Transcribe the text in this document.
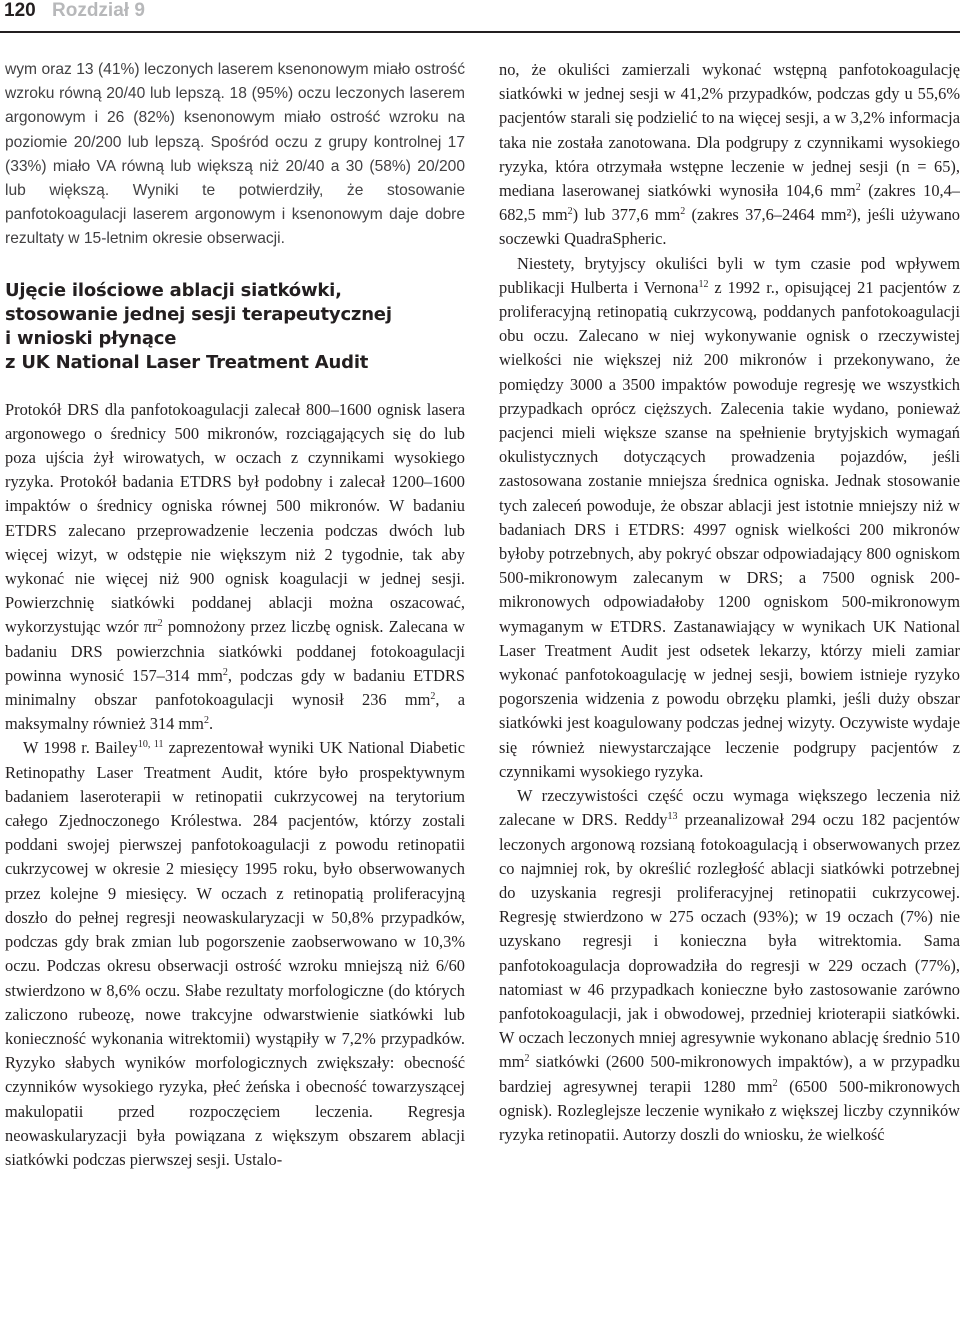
120 Rozdział 9

wym oraz 13 (41%) leczonych laserem ksenonowym miało ostrość wzroku równą 20/40 lub lepszą. 18 (95%) oczu leczonych laserem argonowym i 26 (82%) ksenonowym miało ostrość wzroku na poziomie 20/200 lub lepszą. Spośród oczu z grupy kontrolnej 17 (33%) miało VA równą lub większą niż 20/40 a 30 (58%) 20/200 lub większą. Wyniki te potwierdziły, że stosowanie panfotokoagulacji laserem argonowym i ksenonowym daje dobre rezultaty w 15-letnim okresie obserwacji.

Ujęcie ilościowe ablacji siatkówki,
stosowanie jednej sesji terapeutycznej
i wnioski płynące
z UK National Laser Treatment Audit

Protokół DRS dla panfotokoagulacji zalecał 800–1600 ognisk lasera argonowego o średnicy 500 mikronów, rozciągających się do lub poza ujścia żył wirowatych, w oczach z czynnikami wysokiego ryzyka. Protokół badania ETDRS był podobny i zalecał 1200–1600 impaktów o średnicy ogniska równej 500 mikronów. W badaniu ETDRS zalecano przeprowadzenie leczenia podczas dwóch lub więcej wizyt, w odstępie nie większym niż 2 tygodnie, tak aby wykonać nie więcej niż 900 ognisk koagulacji w jednej sesji. Powierzchnię siatkówki poddanej ablacji można oszacować, wykorzystując wzór $\pi r^2$ pomnożony przez liczbę ognisk. Zalecana w badaniu DRS powierzchnia siatkówki poddanej fotokoagulacji powinna wynosić 157–314 $mm^2$, podczas gdy w badaniu ETDRS minimalny obszar panfotokoagulacji wynosił 236 $mm^2$, a maksymalny również 314 $mm^2$.

W 1998 r. Bailey$^{10, 11}$ zaprezentował wyniki UK National Diabetic Retinopathy Laser Treatment Audit, które było prospektywnym badaniem laseroterapii w retinopatii cukrzycowej na terytorium całego Zjednoczonego Królestwa. 284 pacjentów, którzy zostali poddani swojej pierwszej panfotokoagulacji z powodu retinopatii cukrzycowej w okresie 2 miesięcy 1995 roku, było obserwowanych przez kolejne 9 miesięcy. W oczach z retinopatią proliferacyjną doszło do pełnej regresji neowaskularyzacji w 50,8% przypadków, podczas gdy brak zmian lub pogorszenie zaobserwowano w 10,3% oczu. Podczas okresu obserwacji ostrość wzroku mniejszą niż 6/60 stwierdzono w 8,6% oczu. Słabe rezultaty morfologiczne (do których zaliczono rubeozę, nowe trakcyjne odwarstwienie siatkówki lub konieczność wykonania witrektomii) wystąpiły w 7,2% przypadków. Ryzyko słabych wyników morfologicznych zwiększały: obecność czynników wysokiego ryzyka, płeć żeńska i obecność towarzyszącej makulopatii przed rozpoczęciem leczenia. Regresja neowaskularyzacji była powiązana z większym obszarem ablacji siatkówki podczas pierwszej sesji. Ustalo-

no, że okuliści zamierzali wykonać wstępną panfotokoagulację siatkówki w jednej sesji w 41,2% przypadków, podczas gdy u 55,6% pacjentów starali się podzielić to na więcej sesji, a w 3,2% informacja taka nie została zanotowana. Dla podgrupy z czynnikami wysokiego ryzyka, która otrzymała wstępne leczenie w jednej sesji (n = 65), mediana laserowanej siatkówki wynosiła 104,6 $mm^2$ (zakres 10,4–682,5 $mm^2$) lub 377,6 $mm^2$ (zakres 37,6–2464 mm²), jeśli używano soczewki QuadraSpheric.

Niestety, brytyjscy okuliści byli w tym czasie pod wpływem publikacji Hulberta i Vernona$^{12}$ z 1992 r., opisującej 21 pacjentów z proliferacyjną retinopatią cukrzycową, poddanych panfotokoagulacji obu oczu. Zalecano w niej wykonywanie ognisk o rzeczywistej wielkości nie większej niż 200 mikronów i przekonywano, że pomiędzy 3000 a 3500 impaktów powoduje regresję we wszystkich przypadkach oprócz cięższych. Zalecenia takie wydano, ponieważ pacjenci mieli większe szanse na spełnienie brytyjskich wymagań okulistycznych dotyczących prowadzenia pojazdów, jeśli zastosowana zostanie mniejsza średnica ogniska. Jednak stosowanie tych zaleceń powoduje, że obszar ablacji jest istotnie mniejszy niż w badaniach DRS i ETDRS: 4997 ognisk wielkości 200 mikronów byłoby potrzebnych, aby pokryć obszar odpowiadający 800 ogniskom 500-mikronowym zalecanym w DRS; a 7500 ognisk 200-mikronowych odpowiadałoby 1200 ogniskom 500-mikronowym wymaganym w ETDRS. Zastanawiający w wynikach UK National Laser Treatment Audit jest odsetek lekarzy, którzy mieli zamiar wykonać panfotokoagulację w jednej sesji, bowiem istnieje ryzyko pogorszenia widzenia z powodu obrzęku plamki, jeśli duży obszar siatkówki jest koagulowany podczas jednej wizyty. Oczywiste wydaje się również niewystarczające leczenie podgrupy pacjentów z czynnikami wysokiego ryzyka.

W rzeczywistości część oczu wymaga większego leczenia niż zalecane w DRS. Reddy$^{13}$ przeanalizował 294 oczu 182 pacjentów leczonych argonową rozsianą fotokoagulacją i obserwowanych przez co najmniej rok, by określić rozległość ablacji siatkówki potrzebnej do uzyskania regresji proliferacyjnej retinopatii cukrzycowej. Regresję stwierdzono w 275 oczach (93%); w 19 oczach (7%) nie uzyskano regresji i konieczna była witrektomia. Sama panfotokoagulacja doprowadziła do regresji w 229 oczach (77%), natomiast w 46 przypadkach konieczne było zastosowanie zarówno panfotokoagulacji, jak i obwodowej, przedniej krioterapii siatkówki. W oczach leczonych mniej agresywnie wykonano ablację średnio 510 $mm^2$ siatkówki (2600 500-mikronowych impaktów), a w przypadku bardziej agresywnej terapii 1280 $mm^2$ (6500 500-mikronowych ognisk). Rozleglejsze leczenie wynikało z większej liczby czynników ryzyka retinopatii. Autorzy doszli do wniosku, że wielkość
